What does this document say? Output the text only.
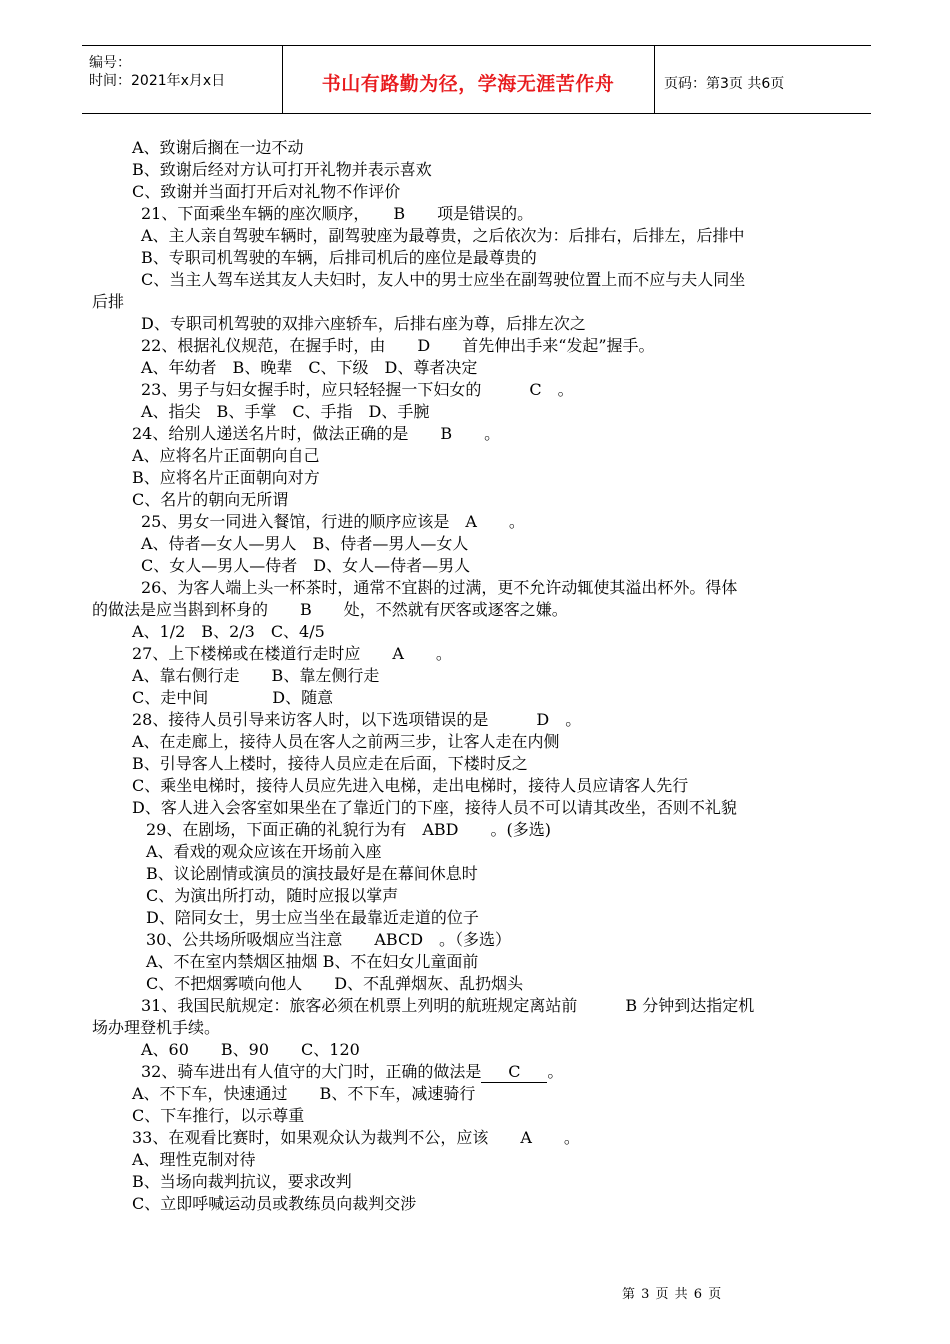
编号：
时间：2021年x月x日	书山有路勤为径，学海无涯苦作舟	页码：第3页 共6页
A、致谢后搁在一边不动
B、致谢后经对方认可打开礼物并表示喜欢
C、致谢并当面打开后对礼物不作评价
21、下面乘坐车辆的座次顺序，　　B　　项是错误的。
A、主人亲自驾驶车辆时，副驾驶座为最尊贵，之后依次为：后排右，后排左，后排中
B、专职司机驾驶的车辆，后排司机后的座位是最尊贵的
C、当主人驾车送其友人夫妇时，友人中的男士应坐在副驾驶位置上而不应与夫人同坐
后排
D、专职司机驾驶的双排六座轿车，后排右座为尊，后排左次之
22、根据礼仪规范，在握手时，由　　D　　首先伸出手来“发起”握手。
A、年幼者　B、晚辈　C、下级　D、尊者决定
23、男子与妇女握手时，应只轻轻握一下妇女的　　　C　。
A、指尖　B、手掌　C、手指　D、手腕
24、给别人递送名片时，做法正确的是　　B　　。
A、应将名片正面朝向自己
B、应将名片正面朝向对方
C、名片的朝向无所谓
25、男女一同进入餐馆，行进的顺序应该是　A　　。
A、侍者—女人—男人　B、侍者—男人—女人
C、女人—男人—侍者　D、女人—侍者—男人
26、为客人端上头一杯茶时，通常不宜斟的过满，更不允许动辄使其溢出杯外。得体
的做法是应当斟到杯身的　　B　　处，不然就有厌客或逐客之嫌。
A、1/2　B、2/3　C、4/5
27、上下楼梯或在楼道行走时应　　A　　。
A、靠右侧行走　　B、靠左侧行走
C、走中间　　　　D、随意
28、接待人员引导来访客人时，以下选项错误的是　　　D　。
A、在走廊上，接待人员在客人之前两三步，让客人走在内侧
B、引导客人上楼时，接待人员应走在后面，下楼时反之
C、乘坐电梯时，接待人员应先进入电梯，走出电梯时，接待人员应请客人先行
D、客人进入会客室如果坐在了靠近门的下座，接待人员不可以请其改坐，否则不礼貌
29、在剧场，下面正确的礼貌行为有　ABD　　。(多选)
A、看戏的观众应该在开场前入座
B、议论剧情或演员的演技最好是在幕间休息时
C、为演出所打动，随时应报以掌声
D、陪同女士，男士应当坐在最靠近走道的位子
30、公共场所吸烟应当注意　　ABCD　。（多选）
A、不在室内禁烟区抽烟 B、不在妇女儿童面前
C、不把烟雾喷向他人　　D、不乱弹烟灰、乱扔烟头
31、我国民航规定：旅客必须在机票上列明的航班规定离站前　　　B 分钟到达指定机
场办理登机手续。
A、60　　B、90　　C、120
32、骑车进出有人值守的大门时，正确的做法是 C 。
A、不下车，快速通过　　B、不下车，减速骑行
C、下车推行，以示尊重
33、在观看比赛时，如果观众认为裁判不公，应该　　A　　。
A、理性克制对待
B、当场向裁判抗议，要求改判
C、立即呼喊运动员或教练员向裁判交涉
第 3 页 共 6 页
